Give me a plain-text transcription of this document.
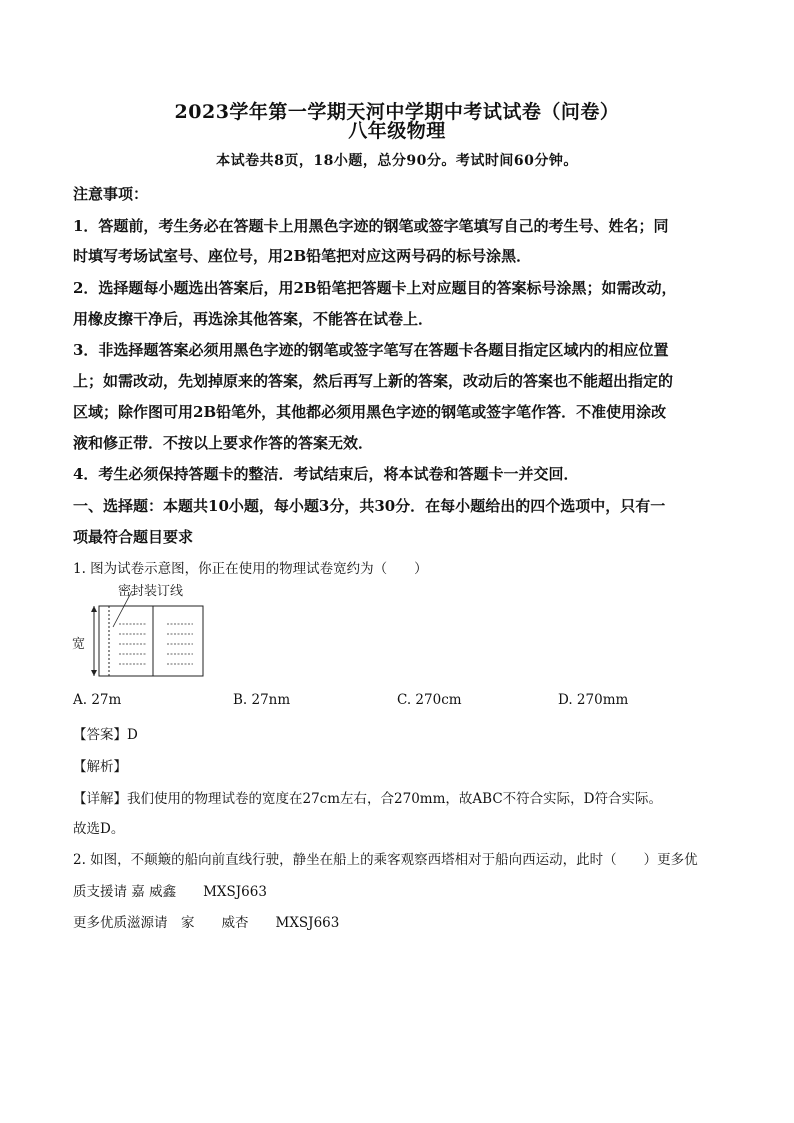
2023学年第一学期天河中学期中考试试卷（问卷）
八年级物理
本试卷共8页，18小题，总分90分。考试时间60分钟。
注意事项：
1．答题前，考生务必在答题卡上用黑色字迹的钢笔或签字笔填写自己的考生号、姓名；同
时填写考场试室号、座位号，用2B铅笔把对应这两号码的标号涂黑．
2．选择题每小题选出答案后，用2B铅笔把答题卡上对应题目的答案标号涂黑；如需改动，
用橡皮擦干净后，再选涂其他答案，不能答在试卷上．
3．非选择题答案必须用黑色字迹的钢笔或签字笔写在答题卡各题目指定区域内的相应位置
上；如需改动，先划掉原来的答案，然后再写上新的答案，改动后的答案也不能超出指定的
区域；除作图可用2B铅笔外，其他都必须用黑色字迹的钢笔或签字笔作答．不准使用涂改
液和修正带．不按以上要求作答的答案无效．
4．考生必须保持答题卡的整洁．考试结束后，将本试卷和答题卡一并交回．
一、选择题：本题共10小题，每小题3分，共30分．在每小题给出的四个选项中，只有一
项最符合题目要求
1. 图为试卷示意图，你正在使用的物理试卷宽约为（　　）
密封装订线
宽
A. 27m	B. 27nm	C. 270cm	D. 270mm
【答案】D
【解析】
【详解】我们使用的物理试卷的宽度在27cm左右，合270mm，故ABC不符合实际，D符合实际。
故选D。
2. 如图，不颠簸的船向前直线行驶，静坐在船上的乘客观察西塔相对于船向西运动，此时（　　）更多优
质支援请 嘉 威鑫　　MXSJ663
更多优质滋源请　家　　威杏　　MXSJ663
